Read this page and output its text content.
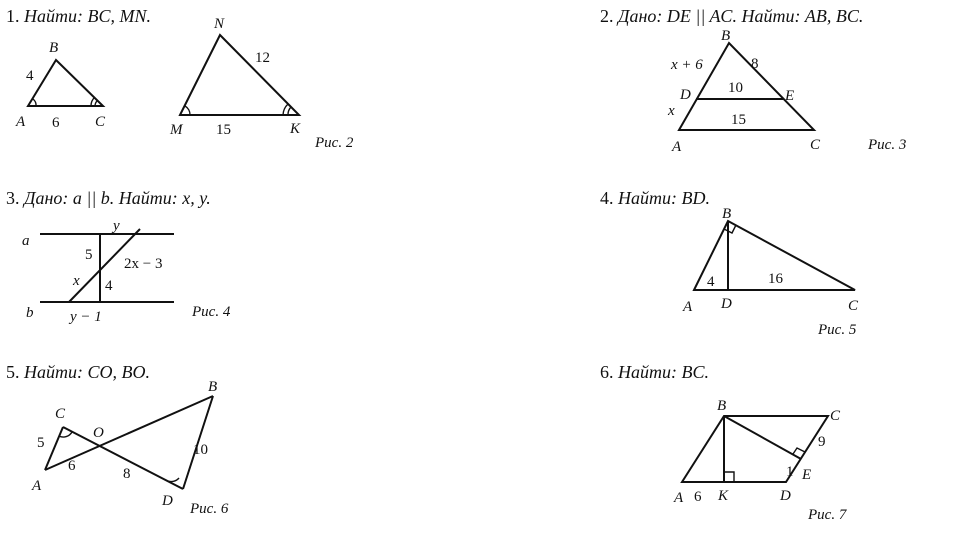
1. Найти: BC, MN.	2. Дано: DE || AC. Найти: AB, BC.
3. Дано: a || b. Найти: x, y.	4. Найти: BD.
5. Найти: CO, BO.	6. Найти: BC.
B
A	C
4
6
N
M	K
12
15
Рис. 2
B
D	E
A	C
x + 6
x
8
10
15
Рис. 3
a
b
y
y − 1
5
4
2x − 3
x
Рис. 4
B
A D	C
4	16
Рис. 5
C
O
B
A
D
5
6	8
10
Рис. 6
B
C
E
A K	D
6
9
1
Рис. 7
